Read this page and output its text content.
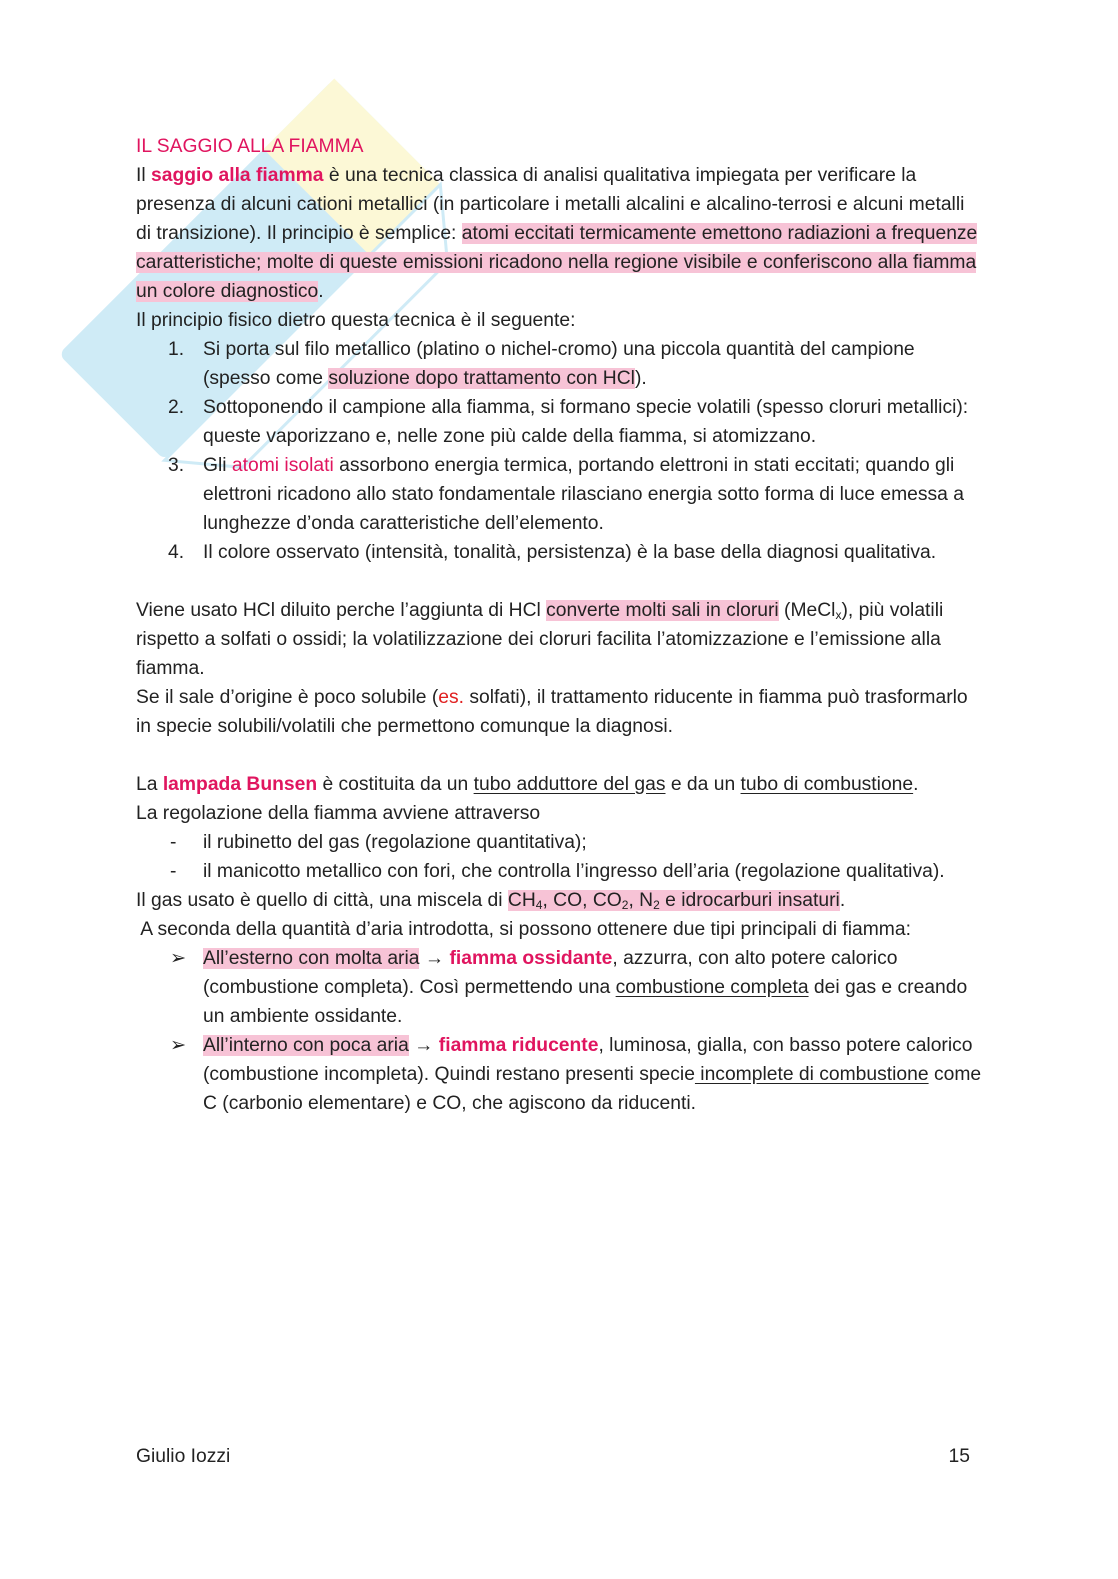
IL SAGGIO ALLA FIAMMA

Il saggio alla fiamma è una tecnica classica di analisi qualitativa impiegata per verificare la presenza di alcuni cationi metallici (in particolare i metalli alcalini e alcalino-terrosi e alcuni metalli di transizione). Il principio è semplice: atomi eccitati termicamente emettono radiazioni a frequenze caratteristiche; molte di queste emissioni ricadono nella regione visibile e conferiscono alla fiamma un colore diagnostico.

Il principio fisico dietro questa tecnica è il seguente:

1. Si porta sul filo metallico (platino o nichel-cromo) una piccola quantità del campione (spesso come soluzione dopo trattamento con HCl).
2. Sottoponendo il campione alla fiamma, si formano specie volatili (spesso cloruri metallici): queste vaporizzano e, nelle zone più calde della fiamma, si atomizzano.
3. Gli atomi isolati assorbono energia termica, portando elettroni in stati eccitati; quando gli elettroni ricadono allo stato fondamentale rilasciano energia sotto forma di luce emessa a lunghezze d’onda caratteristiche dell’elemento.
4. Il colore osservato (intensità, tonalità, persistenza) è la base della diagnosi qualitativa.

Viene usato HCl diluito perche l’aggiunta di HCl converte molti sali in cloruri (MeCl$_x$), più volatili rispetto a solfati o ossidi; la volatilizzazione dei cloruri facilita l’atomizzazione e l’emissione alla fiamma.

Se il sale d’origine è poco solubile (es. solfati), il trattamento riducente in fiamma può trasformarlo in specie solubili/volatili che permettono comunque la diagnosi.

La lampada Bunsen è costituita da un tubo adduttore del gas e da un tubo di combustione.

La regolazione della fiamma avviene attraverso

-	il rubinetto del gas (regolazione quantitativa);
-	il manicotto metallico con fori, che controlla l’ingresso dell’aria (regolazione qualitativa).

Il gas usato è quello di città, una miscela di $CH_4$, CO, $CO_2$, $N_2$ e idrocarburi insaturi.

A seconda della quantità d’aria introdotta, si possono ottenere due tipi principali di fiamma:

➢ All’esterno con molta aria → fiamma ossidante, azzurra, con alto potere calorico (combustione completa). Così permettendo una combustione completa dei gas e creando un ambiente ossidante.
➢ All’interno con poca aria → fiamma riducente, luminosa, gialla, con basso potere calorico (combustione incompleta). Quindi restano presenti specie incomplete di combustione come C (carbonio elementare) e CO, che agiscono da riducenti.
Giulio Iozzi	15
